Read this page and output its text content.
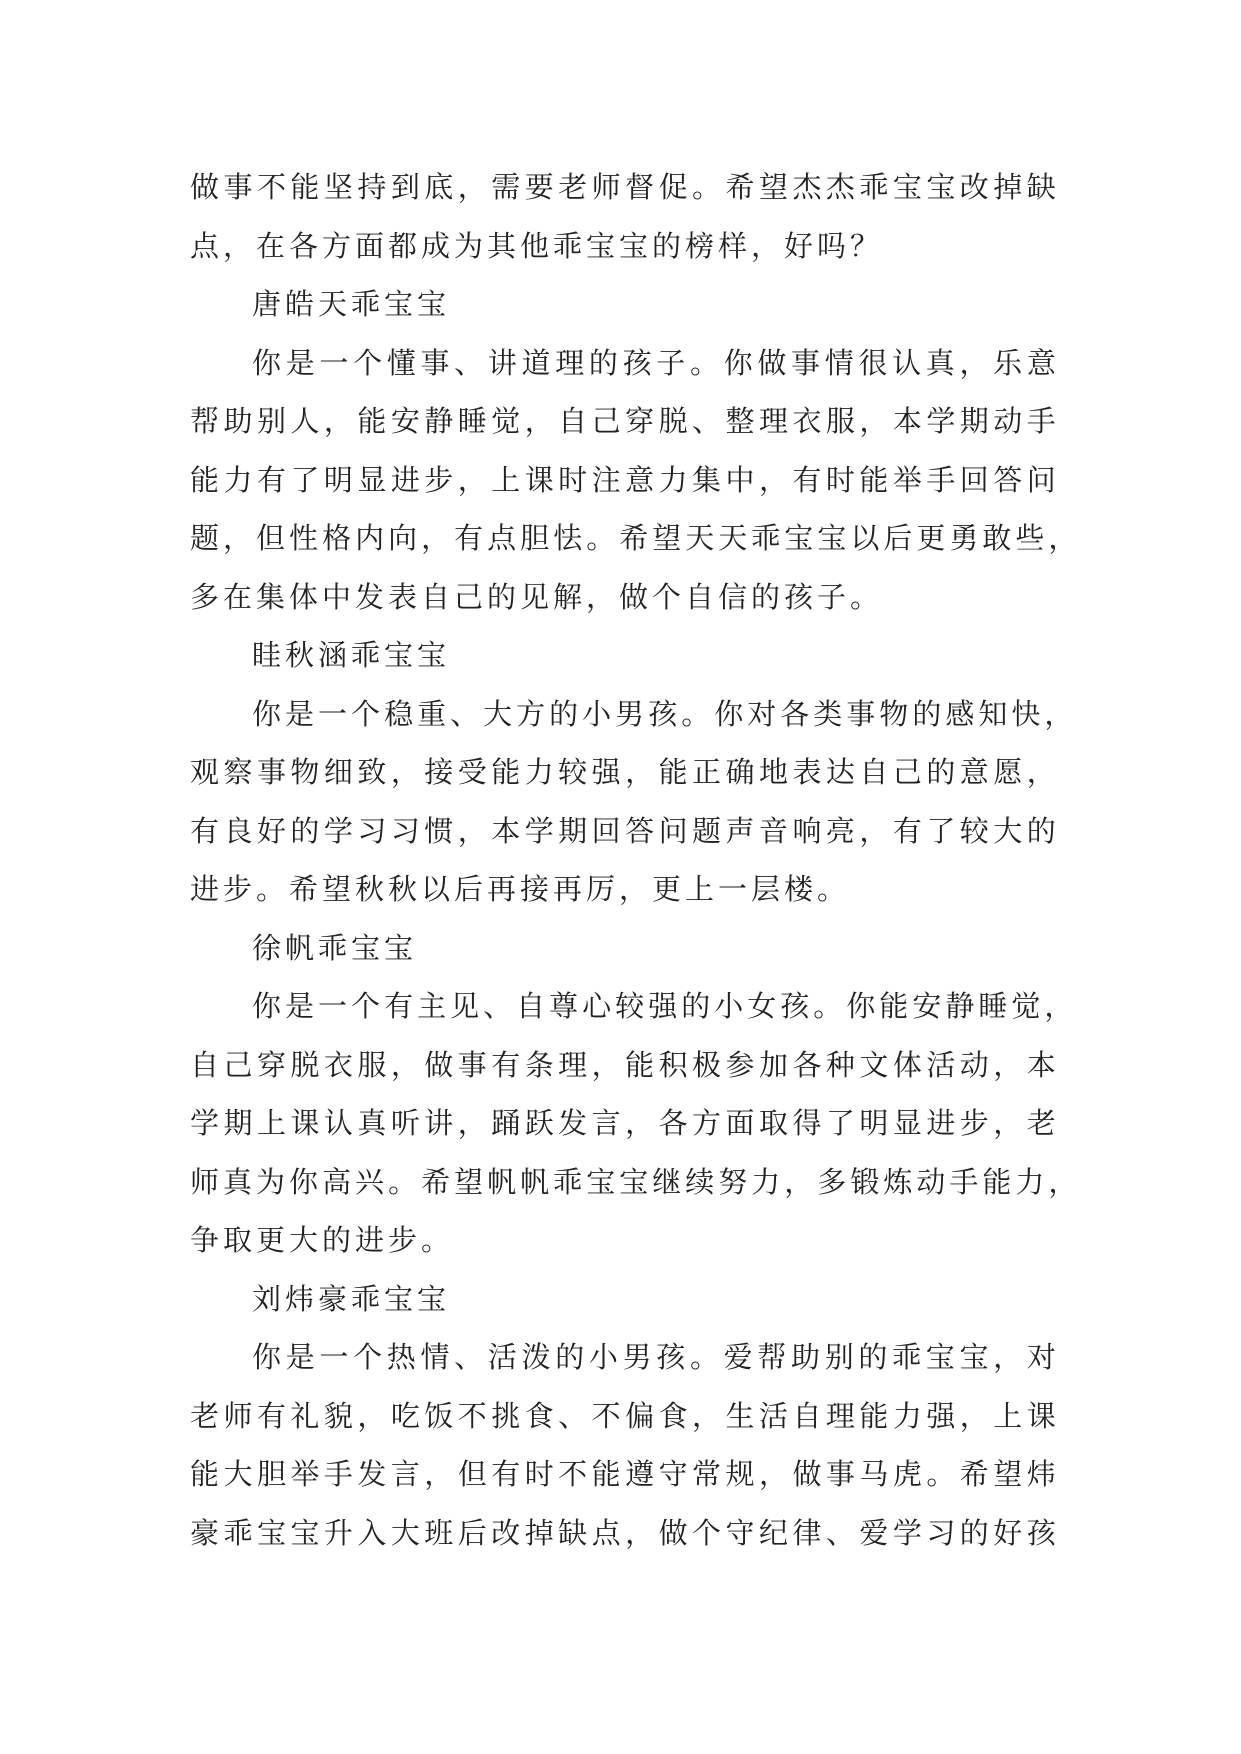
做 事 不 能 坚 持 到 底 ， 需 要 老 师 督 促 。 希 望 杰 杰 乖 宝 宝 改 掉 缺
点，在各方面都成为其他乖宝宝的榜样，好吗？
唐皓天乖宝宝
你 是 一 个 懂 事 、 讲 道 理 的 孩 子 。 你 做 事 情 很 认 真 ， 乐 意
帮 助 别 人 ， 能 安 静 睡 觉 ， 自 己 穿 脱 、 整 理 衣 服 ， 本 学 期 动 手
能 力 有 了 明 显 进 步 ， 上 课 时 注 意 力 集 中 ， 有 时 能 举 手 回 答 问
题 ， 但 性 格 内 向 ， 有 点 胆 怯 。 希 望 天 天 乖 宝 宝 以 后 更 勇 敢 些 ，
多在集体中发表自己的见解，做个自信的孩子。
眭秋涵乖宝宝
你 是 一 个 稳 重 、 大 方 的 小 男 孩 。 你 对 各 类 事 物 的 感 知 快 ，
观 察 事 物 细 致 ， 接 受 能 力 较 强 ， 能 正 确 地 表 达 自 己 的 意 愿 ，
有 良 好 的 学 习 习 惯 ， 本 学 期 回 答 问 题 声 音 响 亮 ， 有 了 较 大 的
进步。希望秋秋以后再接再厉，更上一层楼。
徐帆乖宝宝
你 是 一 个 有 主 见 、 自 尊 心 较 强 的 小 女 孩 。 你 能 安 静 睡 觉 ，
自 己 穿 脱 衣 服 ， 做 事 有 条 理 ， 能 积 极 参 加 各 种 文 体 活 动 ， 本
学 期 上 课 认 真 听 讲 ， 踊 跃 发 言 ， 各 方 面 取 得 了 明 显 进 步 ， 老
师 真 为 你 高 兴 。 希 望 帆 帆 乖 宝 宝 继 续 努 力 ， 多 锻 炼 动 手 能 力 ，
争取更大的进步。
刘炜豪乖宝宝
你 是 一 个 热 情 、 活 泼 的 小 男 孩 。 爱 帮 助 别 的 乖 宝 宝 ， 对
老 师 有 礼 貌 ， 吃 饭 不 挑 食 、 不 偏 食 ， 生 活 自 理 能 力 强 ， 上 课
能 大 胆 举 手 发 言 ， 但 有 时 不 能 遵 守 常 规 ， 做 事 马 虎 。 希 望 炜
豪 乖 宝 宝 升 入 大 班 后 改 掉 缺 点 ， 做 个 守 纪 律 、 爱 学 习 的 好 孩
